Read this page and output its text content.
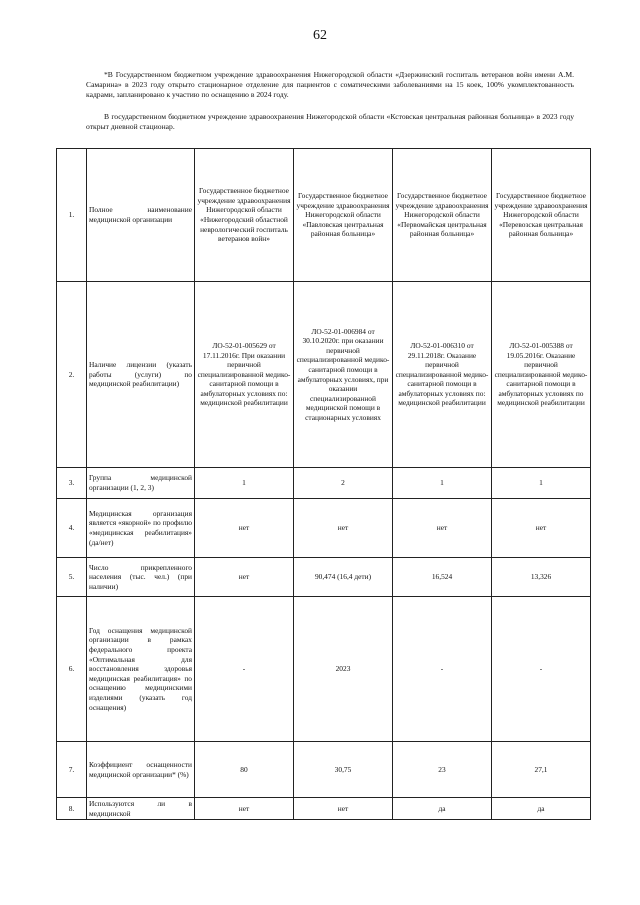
62

*В Государственном бюджетном учреждение здравоохранения Нижегородской области «Дзержинский госпиталь ветеранов войн имени А.М. Самарина» в 2023 году открыто стационарное отделение для пациентов с соматическими заболеваниями на 15 коек, 100% укомплектованность кадрами, запланировано к участию по оснащению в 2024 году.

В государственном бюджетном учреждение здравоохранения Нижегородской области «Кстовская центральная районная больница» в 2023 году открыт дневной стационар.

1.	Полное наименование медицинской организации	Государственное бюджетное учреждение здравоохранения Нижегородской области «Нижегородский областной неврологический госпиталь ветеранов войн»	Государственное бюджетное учреждение здравоохранения Нижегородской области «Павловская центральная районная больница»	Государственное бюджетное учреждение здравоохранения Нижегородской области «Первомайская центральная районная больница»	Государственное бюджетное учреждение здравоохранения Нижегородской области «Перевозская центральная районная больница»
2.	Наличие лицензии (указать работы (услуги) по медицинской реабилитации)	ЛО-52-01-005629 от 17.11.2016г. При оказании первичной специализированной медико-санитарной помощи в амбулаторных условиях по: медицинской реабилитации	ЛО-52-01-006984 от 30.10.2020г. при оказании первичной специализированной медико-санитарной помощи в амбулаторных условиях, при оказании специализированной медицинской помощи в стационарных условиях	ЛО-52-01-006310 от 29.11.2018г. Оказание первичной специализированной медико- санитарной помощи в амбулаторных условиях по: медицинской реабилитации	ЛО-52-01-005388 от 19.05.2016г. Оказание первичной специализированной медико-санитарной помощи в амбулаторных условиях по медицинской реабилитации
3.	Группа медицинской организации (1, 2, 3)	1	2	1	1
4.	Медицинская организация является «якорной» по профилю «медицинская реабилитация» (да/нет)	нет	нет	нет	нет
5.	Число прикрепленного населения (тыс. чел.) (при наличии)	нет	90,474 (16,4 дети)	16,524	13,326
6.	Год оснащения медицинской организации в рамках федерального проекта «Оптимальная для восстановления здоровья медицинская реабилитация» по оснащению медицинскими изделиями (указать год оснащения)	-	2023	-	-
7.	Коэффициент оснащенности медицинской организации* (%)	80	30,75	23	27,1
8.	Используются ли в медицинской	нет	нет	да	да
